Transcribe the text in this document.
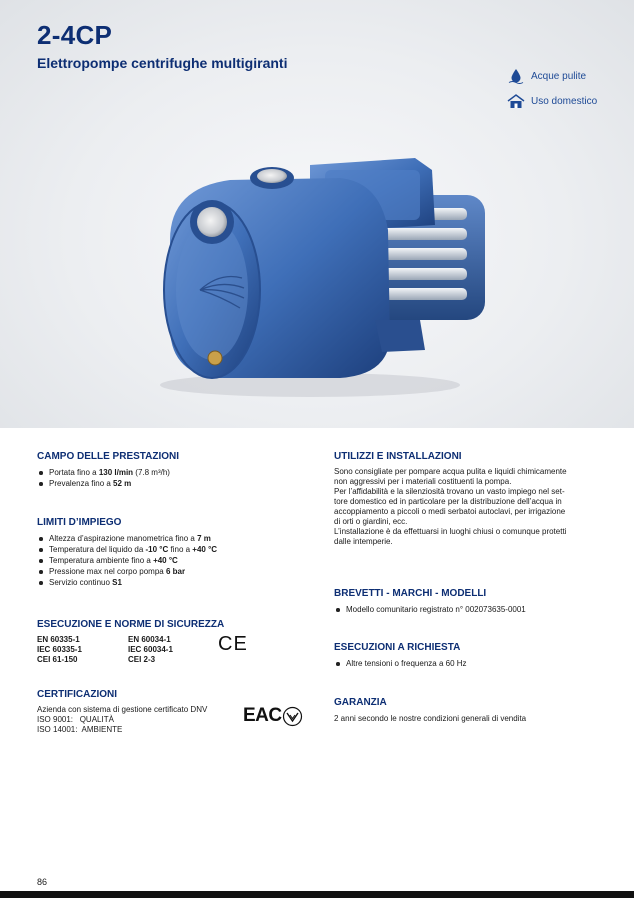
2-4CP
Elettropompe centrifughe multigiranti
Acque pulite
Uso domestico
CAMPO DELLE PRESTAZIONI
Portata fino a 130 l/min (7.8 m³/h)
Prevalenza fino a 52 m
LIMITI D’IMPIEGO
Altezza d’aspirazione manometrica fino a 7 m
Temperatura del liquido da -10 °C fino a +40 °C
Temperatura ambiente fino a +40 °C
Pressione max nel corpo pompa 6 bar
Servizio continuo S1
ESECUZIONE E NORME DI SICUREZZA
EN 60335-1
IEC 60335-1
CEI 61-150
EN 60034-1
IEC 60034-1
CEI 2-3
CE
CERTIFICAZIONI
Azienda con sistema di gestione certificato DNV
ISO 9001:   QUALITÀ
ISO 14001:  AMBIENTE
EAC
UTILIZZI E INSTALLAZIONI
Sono consigliate per pompare acqua pulita e liquidi chimicamente
non aggressivi per i materiali costituenti la pompa.
Per l’affidabilità e la silenziosità trovano un vasto impiego nel set-
tore domestico ed in particolare per la distribuzione dell’acqua in
accoppiamento a piccoli o medi serbatoi autoclavi, per irrigazione
di orti o giardini, ecc.
L’installazione è da effettuarsi in luoghi chiusi o comunque protetti
dalle intemperie.
BREVETTI - MARCHI - MODELLI
Modello comunitario registrato n° 002073635-0001
ESECUZIONI A RICHIESTA
Altre tensioni o frequenza a 60 Hz
GARANZIA
2 anni secondo le nostre condizioni generali di vendita
86
